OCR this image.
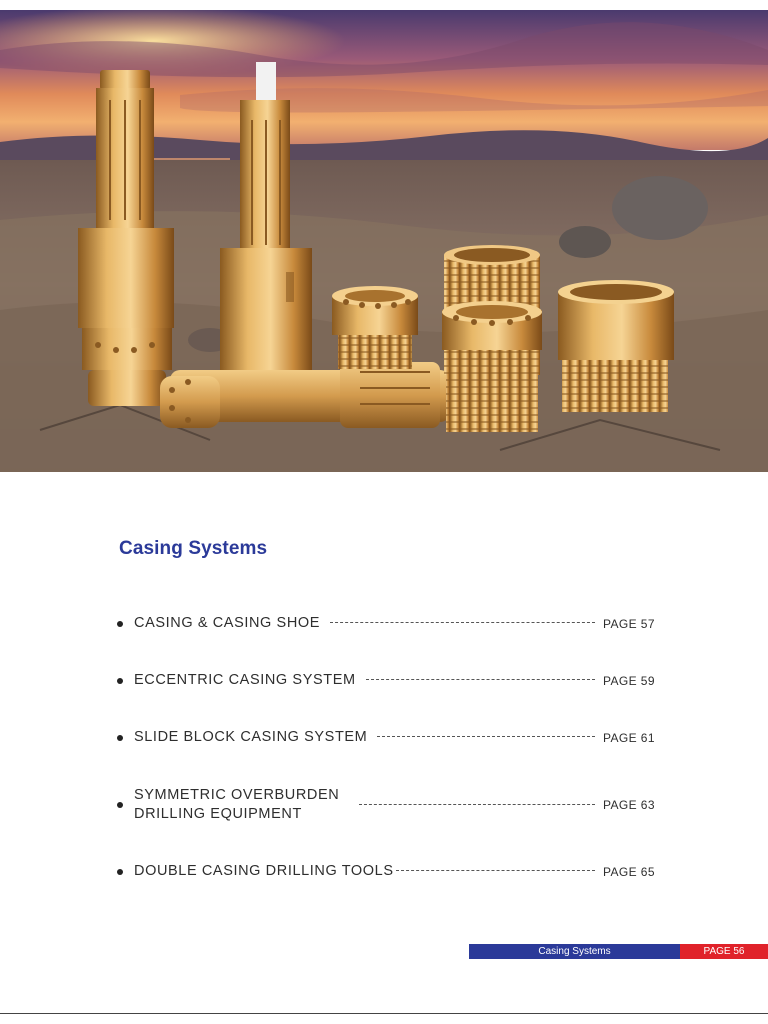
Casing Systems
CASING & CASING SHOE	PAGE 57
ECCENTRIC CASING SYSTEM	PAGE 59
SLIDE BLOCK CASING SYSTEM	PAGE 61
SYMMETRIC OVERBURDEN DRILLING EQUIPMENT
PAGE 63
DOUBLE CASING DRILLING TOOLS	PAGE 65
Casing Systems	PAGE 56
